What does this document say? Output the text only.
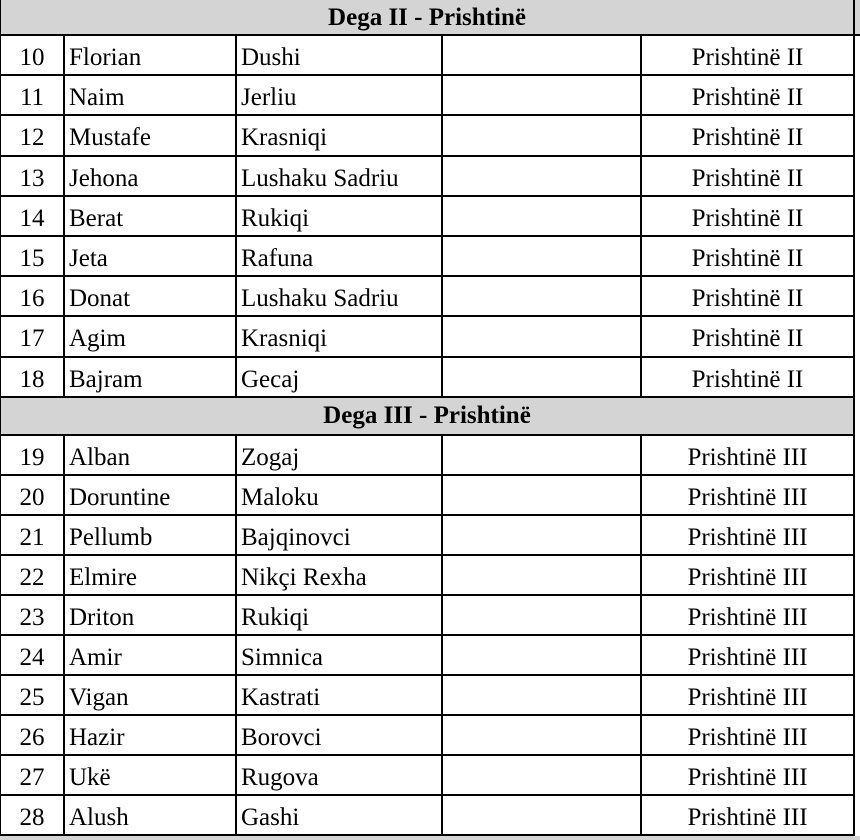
Dega II - Prishtinë
10 Florian	Dushi	Prishtinë II
11 Naim	Jerliu	Prishtinë II
12 Mustafe	Krasniqi	Prishtinë II
13 Jehona	Lushaku Sadriu	Prishtinë II
14 Berat	Rukiqi	Prishtinë II
15 Jeta	Rafuna	Prishtinë II
16 Donat	Lushaku Sadriu	Prishtinë II
17 Agim	Krasniqi	Prishtinë II
18 Bajram	Gecaj	Prishtinë II
Dega III - Prishtinë
19 Alban	Zogaj	Prishtinë III
20 Doruntine	Maloku	Prishtinë III
21 Pellumb	Bajqinovci	Prishtinë III
22 Elmire	Nikçi Rexha	Prishtinë III
23 Driton	Rukiqi	Prishtinë III
24 Amir	Simnica	Prishtinë III
25 Vigan	Kastrati	Prishtinë III
26 Hazir	Borovci	Prishtinë III
27 Ukë	Rugova	Prishtinë III
28 Alush	Gashi	Prishtinë III
